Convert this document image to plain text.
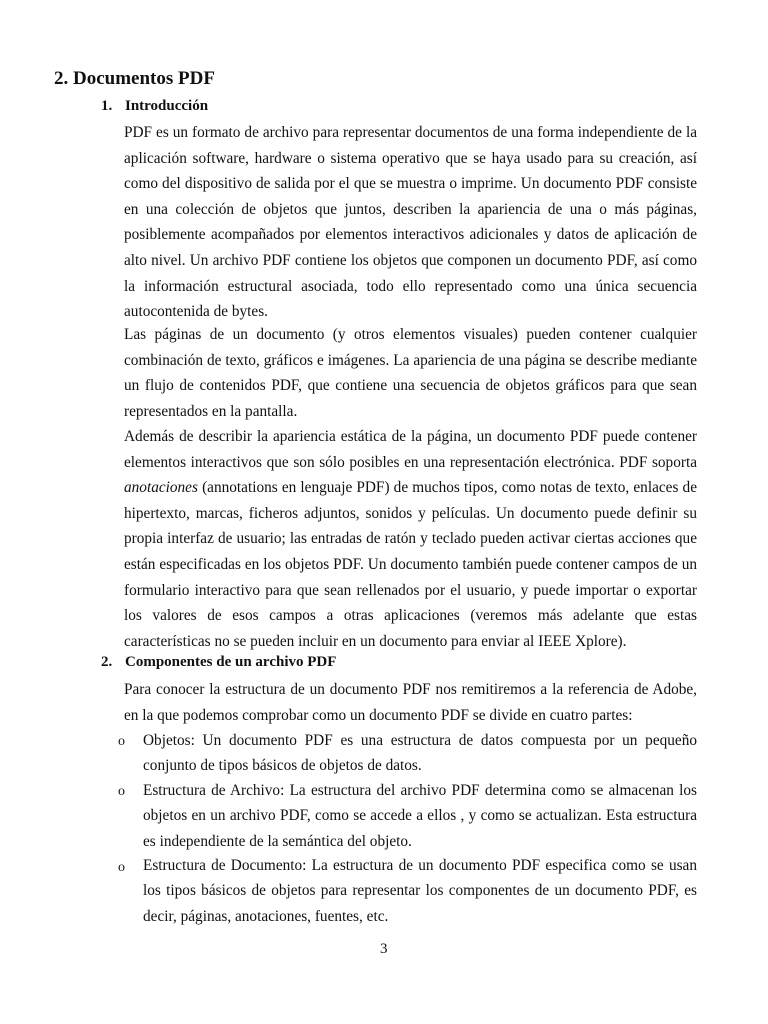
2. Documentos PDF
1. Introducción

PDF es un formato de archivo para representar documentos de una forma independiente de la aplicación software, hardware o sistema operativo que se haya usado para su creación, así como del dispositivo de salida por el que se muestra o imprime. Un documento PDF consiste en una colección de objetos que juntos, describen la apariencia de una o más páginas, posiblemente acompañados por elementos interactivos adicionales y datos de aplicación de alto nivel. Un archivo PDF contiene los objetos que componen un documento PDF, así como la información estructural asociada, todo ello representado como una única secuencia autocontenida de bytes.

Las páginas de un documento (y otros elementos visuales) pueden contener cualquier combinación de texto, gráficos e imágenes. La apariencia de una página se describe mediante un flujo de contenidos PDF, que contiene una secuencia de objetos gráficos para que sean representados en la pantalla.

Además de describir la apariencia estática de la página, un documento PDF puede contener elementos interactivos que son sólo posibles en una representación electrónica. PDF soporta anotaciones (annotations en lenguaje PDF) de muchos tipos, como notas de texto, enlaces de hipertexto, marcas, ficheros adjuntos, sonidos y películas. Un documento puede definir su propia interfaz de usuario; las entradas de ratón y teclado pueden activar ciertas acciones que están especificadas en los objetos PDF. Un documento también puede contener campos de un formulario interactivo para que sean rellenados por el usuario, y puede importar o exportar los valores de esos campos a otras aplicaciones (veremos más adelante que estas características no se pueden incluir en un documento para enviar al IEEE Xplore).

2. Componentes de un archivo PDF

Para conocer la estructura de un documento PDF nos remitiremos a la referencia de Adobe, en la que podemos comprobar como un documento PDF se divide en cuatro partes:

o Objetos: Un documento PDF es una estructura de datos compuesta por un pequeño conjunto de tipos básicos de objetos de datos.

o Estructura de Archivo: La estructura del archivo PDF determina como se almacenan los objetos en un archivo PDF, como se accede a ellos , y como se actualizan. Esta estructura es independiente de la semántica del objeto.

o Estructura de Documento: La estructura de un documento PDF especifica como se usan los tipos básicos de objetos para representar los componentes de un documento PDF, es decir, páginas, anotaciones, fuentes, etc.

3
